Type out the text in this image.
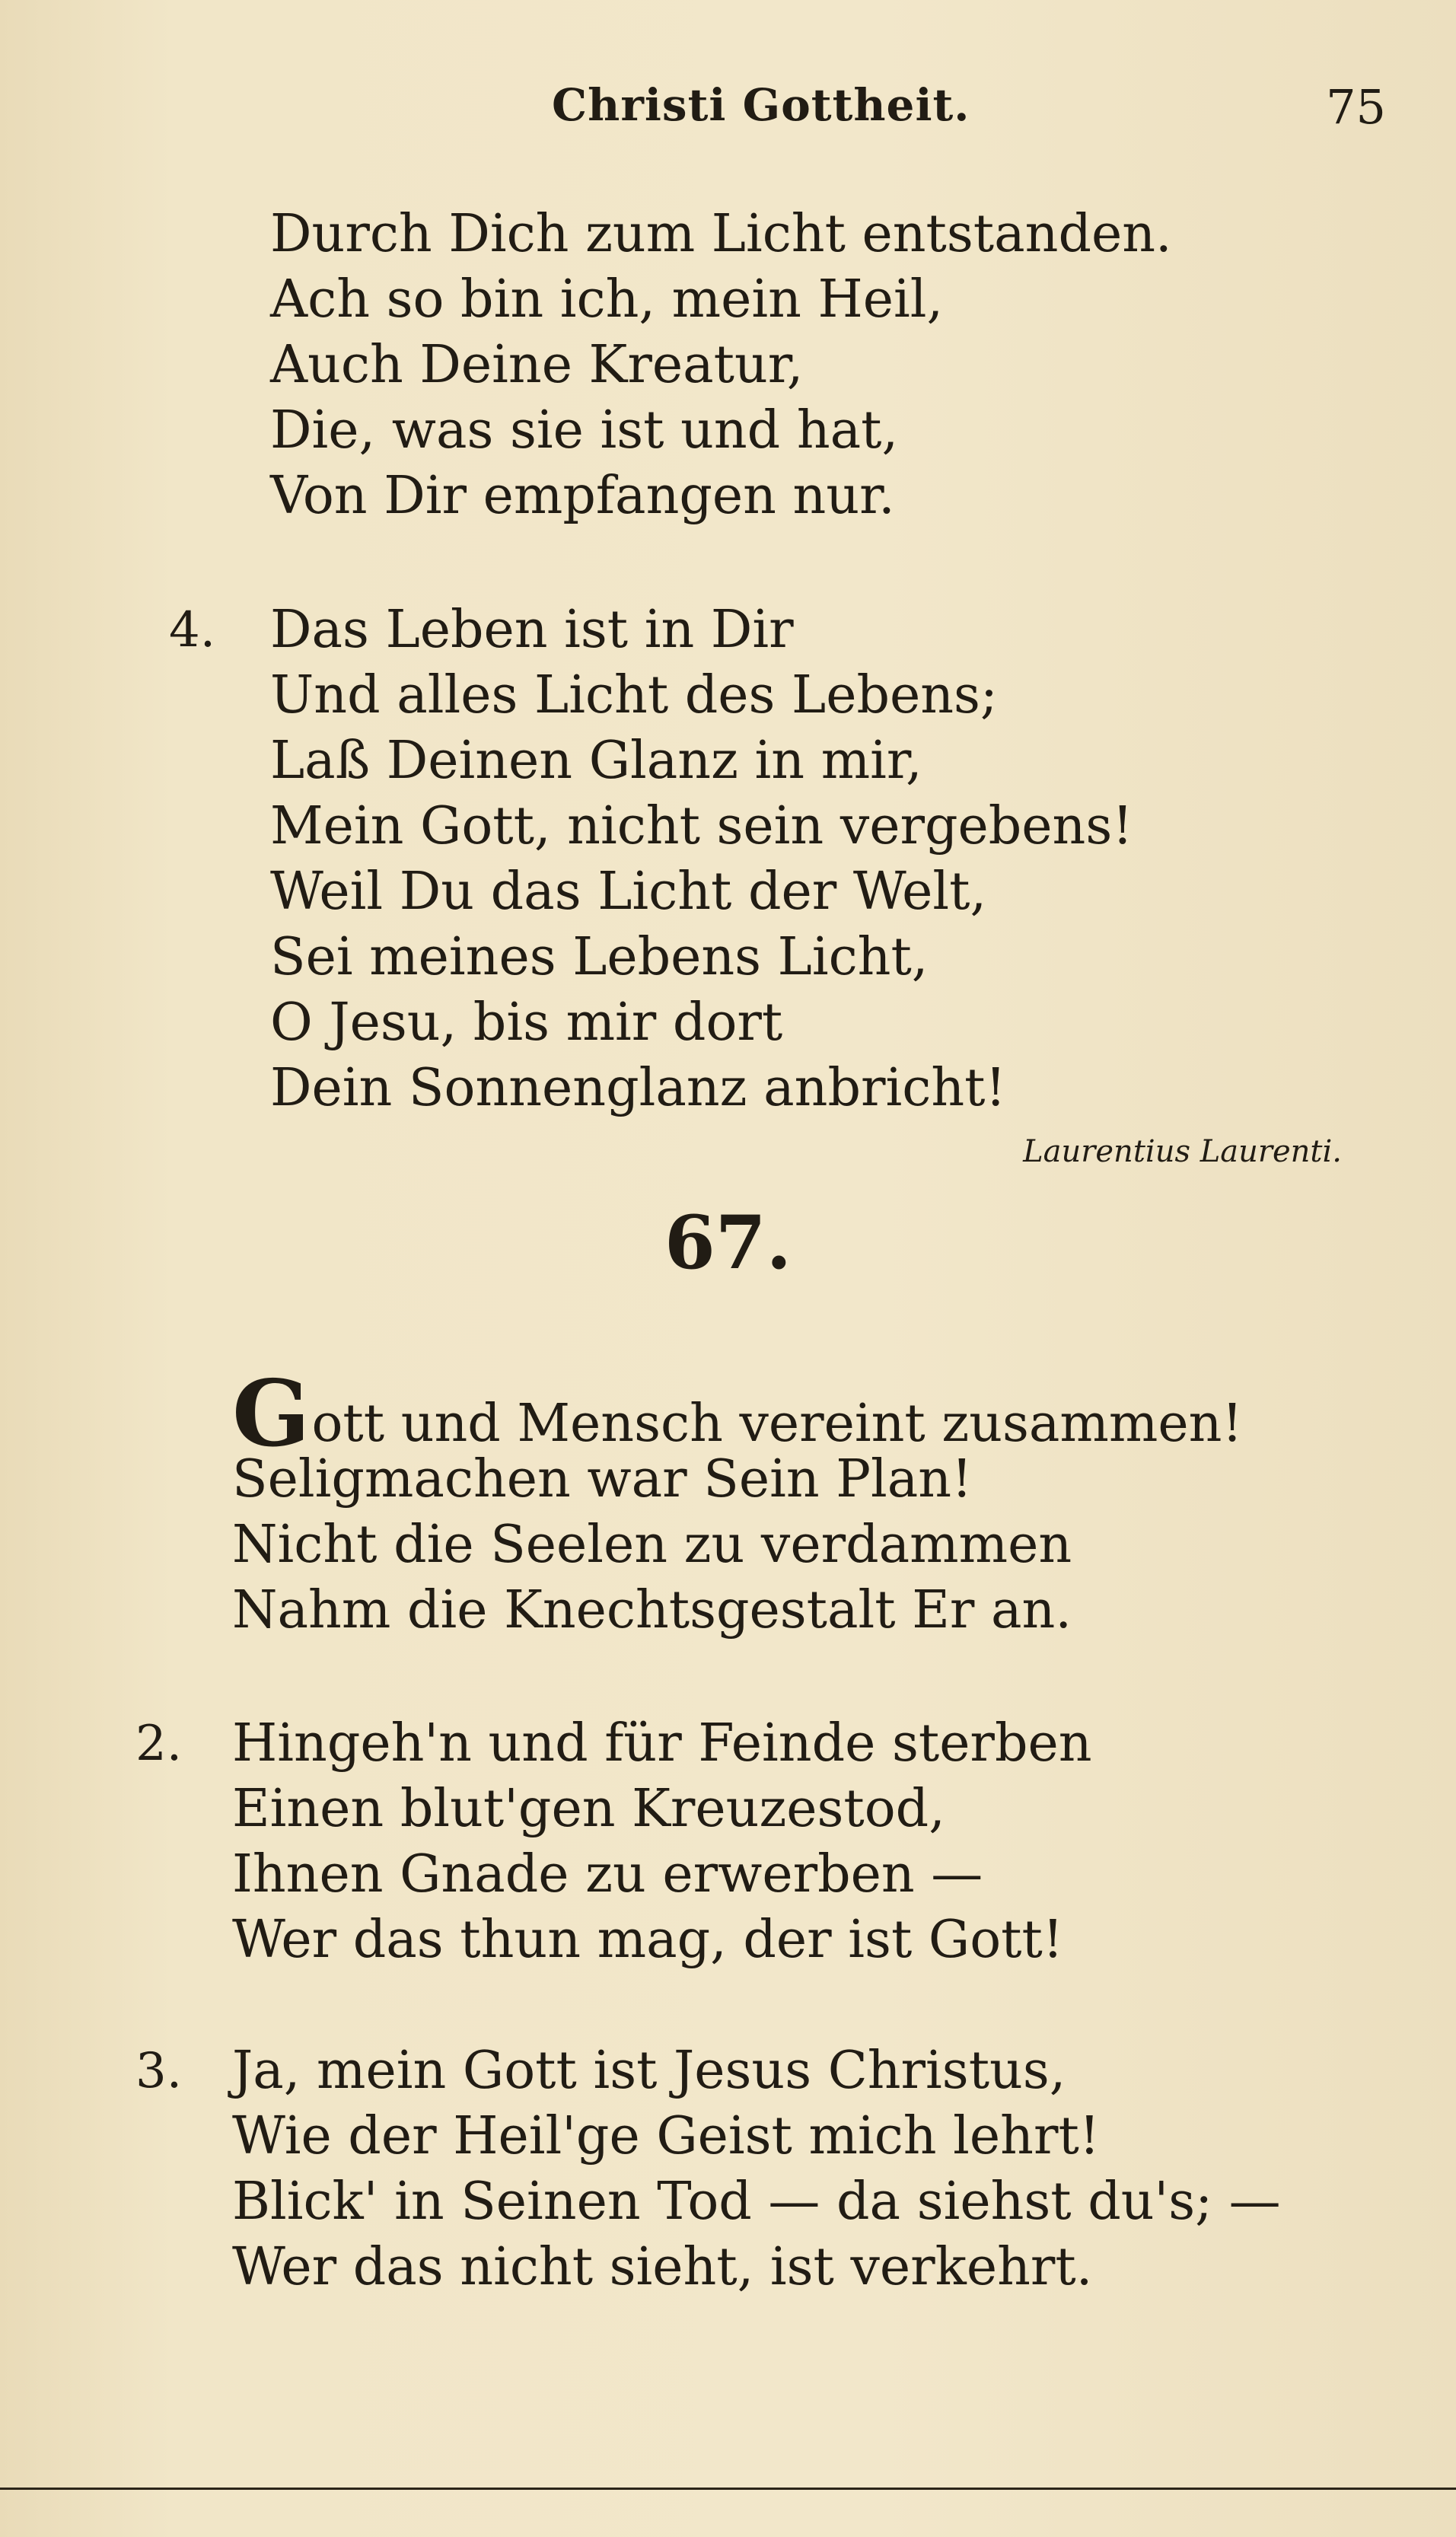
Christi Gottheit.	75
Durch Dich zum Licht entstanden.
Ach so bin ich, mein Heil,
Auch Deine Kreatur,
Die, was sie ist und hat,
Von Dir empfangen nur.
4. Das Leben ist in Dir
Und alles Licht des Lebens;
Laß Deinen Glanz in mir,
Mein Gott, nicht sein vergebens!
Weil Du das Licht der Welt,
Sei meines Lebens Licht,
O Jesu, bis mir dort
Dein Sonnenglanz anbricht!
Laurentius Laurenti.
67.
Gott und Mensch vereint zusammen!
Seligmachen war Sein Plan!
Nicht die Seelen zu verdammen
Nahm die Knechtsgestalt Er an.
2. Hingeh'n und für Feinde sterben
Einen blut'gen Kreuzestod,
Ihnen Gnade zu erwerben —
Wer das thun mag, der ist Gott!
3. Ja, mein Gott ist Jesus Christus,
Wie der Heil'ge Geist mich lehrt!
Blick' in Seinen Tod — da siehst du's; —
Wer das nicht sieht, ist verkehrt.
